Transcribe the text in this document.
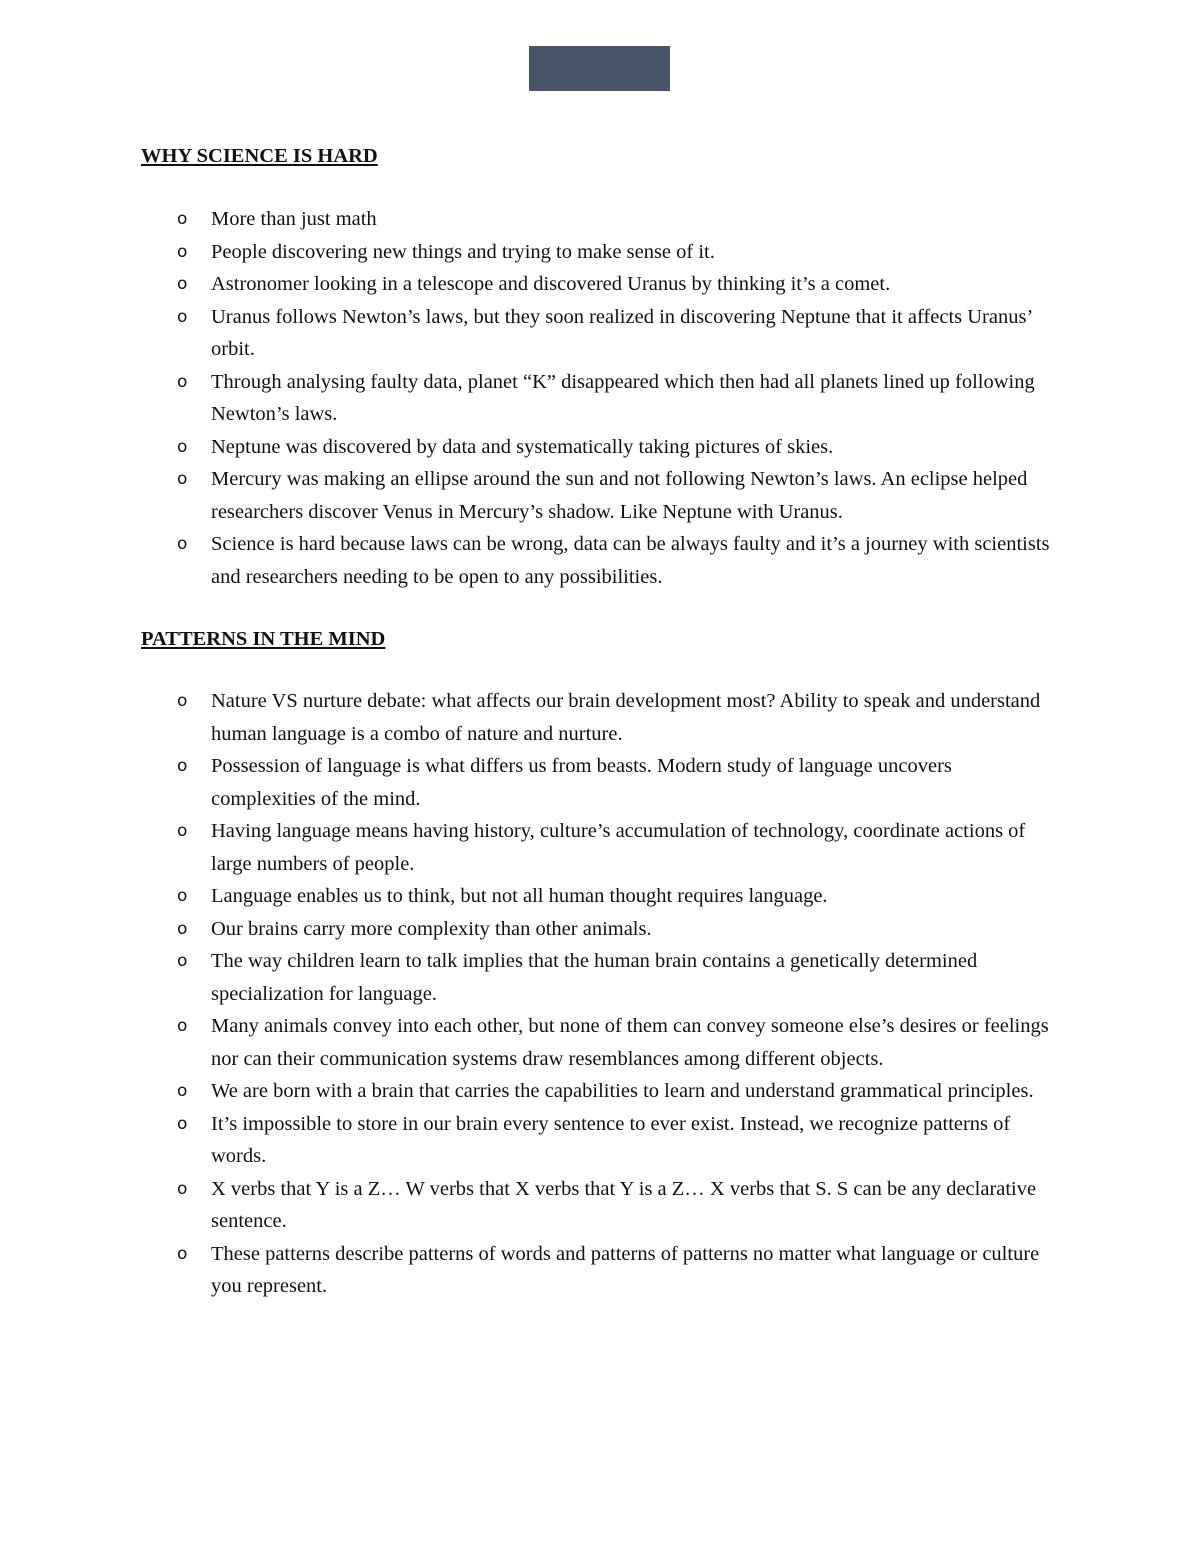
WHY SCIENCE IS HARD
o More than just math
o People discovering new things and trying to make sense of it.
o Astronomer looking in a telescope and discovered Uranus by thinking it’s a comet.
o Uranus follows Newton’s laws, but they soon realized in discovering Neptune that it affects Uranus’ orbit.
o Through analysing faulty data, planet “K” disappeared which then had all planets lined up following Newton’s laws.
o Neptune was discovered by data and systematically taking pictures of skies.
o Mercury was making an ellipse around the sun and not following Newton’s laws. An eclipse helped researchers discover Venus in Mercury’s shadow. Like Neptune with Uranus.
o Science is hard because laws can be wrong, data can be always faulty and it’s a journey with scientists and researchers needing to be open to any possibilities.
PATTERNS IN THE MIND
o Nature VS nurture debate: what affects our brain development most? Ability to speak and understand human language is a combo of nature and nurture.
o Possession of language is what differs us from beasts. Modern study of language uncovers complexities of the mind.
o Having language means having history, culture’s accumulation of technology, coordinate actions of large numbers of people.
o Language enables us to think, but not all human thought requires language.
o Our brains carry more complexity than other animals.
o The way children learn to talk implies that the human brain contains a genetically determined specialization for language.
o Many animals convey into each other, but none of them can convey someone else’s desires or feelings nor can their communication systems draw resemblances among different objects.
o We are born with a brain that carries the capabilities to learn and understand grammatical principles.
o It’s impossible to store in our brain every sentence to ever exist. Instead, we recognize patterns of words.
o X verbs that Y is a Z… W verbs that X verbs that Y is a Z… X verbs that S. S can be any declarative sentence.
o These patterns describe patterns of words and patterns of patterns no matter what language or culture you represent.
